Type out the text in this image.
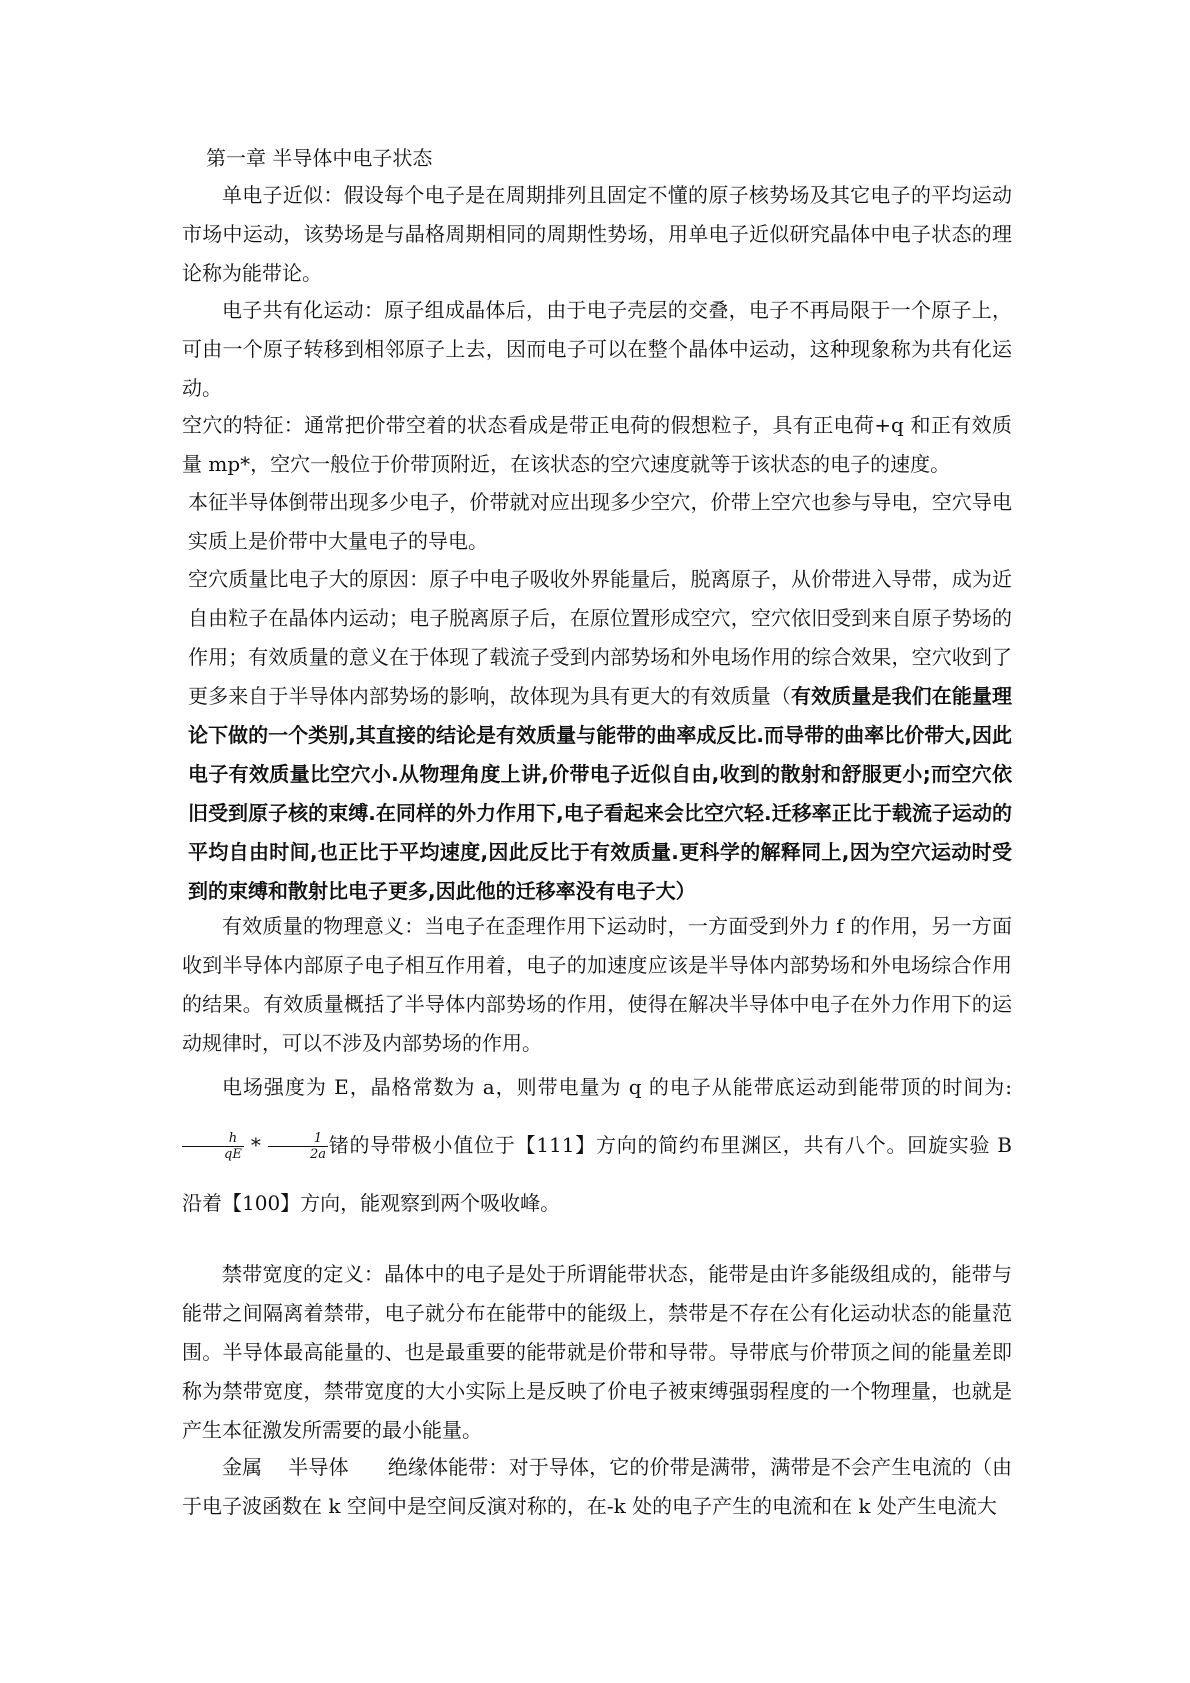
第一章 半导体中电子状态

单电子近似：假设每个电子是在周期排列且固定不懂的原子核势场及其它电子的平均运动市场中运动，该势场是与晶格周期相同的周期性势场，用单电子近似研究晶体中电子状态的理论称为能带论。

电子共有化运动：原子组成晶体后，由于电子壳层的交叠，电子不再局限于一个原子上，可由一个原子转移到相邻原子上去，因而电子可以在整个晶体中运动，这种现象称为共有化运动。

空穴的特征：通常把价带空着的状态看成是带正电荷的假想粒子，具有正电荷+q 和正有效质量 mp*，空穴一般位于价带顶附近，在该状态的空穴速度就等于该状态的电子的速度。

本征半导体倒带出现多少电子，价带就对应出现多少空穴，价带上空穴也参与导电，空穴导电实质上是价带中大量电子的导电。

空穴质量比电子大的原因：原子中电子吸收外界能量后，脱离原子，从价带进入导带，成为近自由粒子在晶体内运动；电子脱离原子后，在原位置形成空穴，空穴依旧受到来自原子势场的作用；有效质量的意义在于体现了载流子受到内部势场和外电场作用的综合效果，空穴收到了更多来自于半导体内部势场的影响，故体现为具有更大的有效质量（有效质量是我们在能量理论下做的一个类别,其直接的结论是有效质量与能带的曲率成反比.而导带的曲率比价带大,因此电子有效质量比空穴小.从物理角度上讲,价带电子近似自由,收到的散射和舒服更小;而空穴依旧受到原子核的束缚.在同样的外力作用下,电子看起来会比空穴轻.迁移率正比于载流子运动的平均自由时间,也正比于平均速度,因此反比于有效质量.更科学的解释同上,因为空穴运动时受到的束缚和散射比电子更多,因此他的迁移率没有电子大）

有效质量的物理意义：当电子在歪理作用下运动时，一方面受到外力 f 的作用，另一方面收到半导体内部原子电子相互作用着，电子的加速度应该是半导体内部势场和外电场综合作用的结果。有效质量概括了半导体内部势场的作用，使得在解决半导体中电子在外力作用下的运动规律时，可以不涉及内部势场的作用。

电场强度为 E，晶格常数为 a，则带电量为 q 的电子从能带底运动到能带顶的时间为:
$\frac{h}{qE} * \frac{1}{2a}$ 锗的导带极小值位于【111】方向的简约布里渊区，共有八个。回旋实验 B 沿着【100】方向，能观察到两个吸收峰。

禁带宽度的定义：晶体中的电子是处于所谓能带状态，能带是由许多能级组成的，能带与能带之间隔离着禁带，电子就分布在能带中的能级上，禁带是不存在公有化运动状态的能量范围。半导体最高能量的、也是最重要的能带就是价带和导带。导带底与价带顶之间的能量差即称为禁带宽度，禁带宽度的大小实际上是反映了价电子被束缚强弱程度的一个物理量，也就是产生本征激发所需要的最小能量。

金属    半导体      绝缘体能带：对于导体，它的价带是满带，满带是不会产生电流的（由于电子波函数在 k 空间中是空间反演对称的，在-k 处的电子产生的电流和在 k 处产生电流大
